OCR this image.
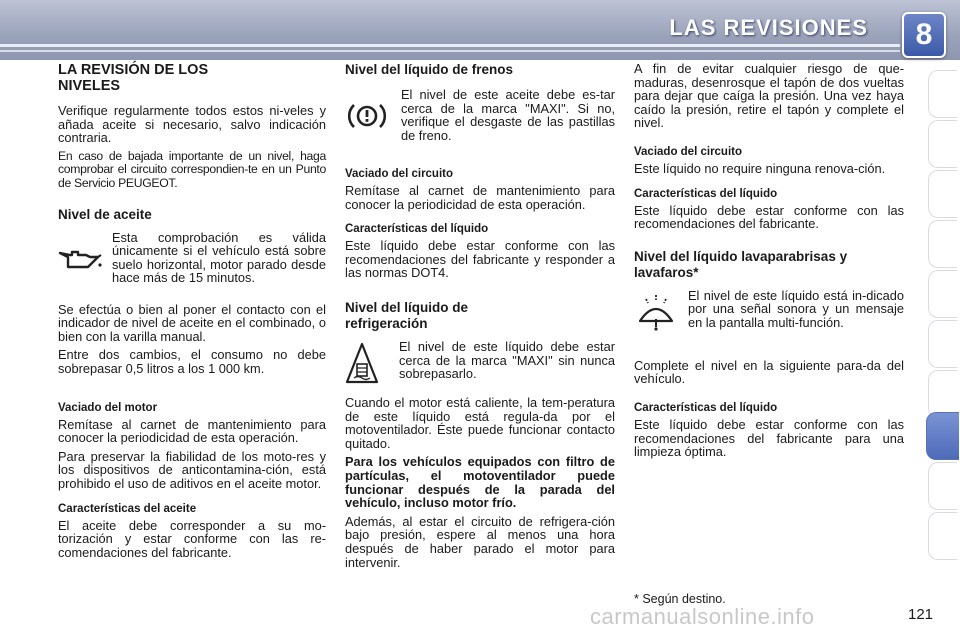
LAS REVISIONES	8
LA REVISIÓN DE LOS NIVELES

Verifique regularmente todos estos ni-veles y añada aceite si necesario, salvo indicación contraria.

En caso de bajada importante de un nivel, haga comprobar el circuito correspondien-te en un Punto de Servicio PEUGEOT.

Nivel de aceite

Esta comprobación es válida únicamente si el vehículo está sobre suelo horizontal, motor parado desde hace más de 15 minutos.

Se efectúa o bien al poner el contacto con el indicador de nivel de aceite en el combinado, o bien con la varilla manual.

Entre dos cambios, el consumo no debe sobrepasar 0,5 litros a los 1 000 km.

Vaciado del motor

Remítase al carnet de mantenimiento para conocer la periodicidad de esta operación.

Para preservar la fiabilidad de los moto-res y los dispositivos de anticontamina-ción, está prohibido el uso de aditivos en el aceite motor.

Características del aceite

El aceite debe corresponder a su mo-torización y estar conforme con las re-comendaciones del fabricante.

Nivel del líquido de frenos

El nivel de este aceite debe es-tar cerca de la marca "MAXI". Si no, verifique el desgaste de las pastillas de freno.

Vaciado del circuito

Remítase al carnet de mantenimiento para conocer la periodicidad de esta operación.

Características del líquido

Este líquido debe estar conforme con las recomendaciones del fabricante y responder a las normas DOT4.

Nivel del líquido de refrigeración

El nivel de este líquido debe estar cerca de la marca "MAXI" sin nunca sobrepasarlo.

Cuando el motor está caliente, la tem-peratura de este líquido está regula-da por el motoventilador. Éste puede funcionar contacto quitado.

Para los vehículos equipados con filtro de partículas, el motoventilador puede funcionar después de la parada del vehículo, incluso motor frío.

Además, al estar el circuito de refrigera-ción bajo presión, espere al menos una hora después de haber parado el motor para intervenir.

A fin de evitar cualquier riesgo de que-maduras, desenrosque el tapón de dos vueltas para dejar que caíga la presión. Una vez haya caído la presión, retire el tapón y complete el nivel.

Vaciado del circuito

Este líquido no require ninguna renova-ción.

Características del líquido

Este líquido debe estar conforme con las recomendaciones del fabricante.

Nivel del líquido lavaparabrisas y lavafaros*

El nivel de este líquido está in-dicado por una señal sonora y un mensaje en la pantalla multi-función.

Complete el nivel en la siguiente para-da del vehículo.

Características del líquido

Este líquido debe estar conforme con las recomendaciones del fabricante para una limpieza óptima.

* Según destino.
carmanualsonline.info	121
